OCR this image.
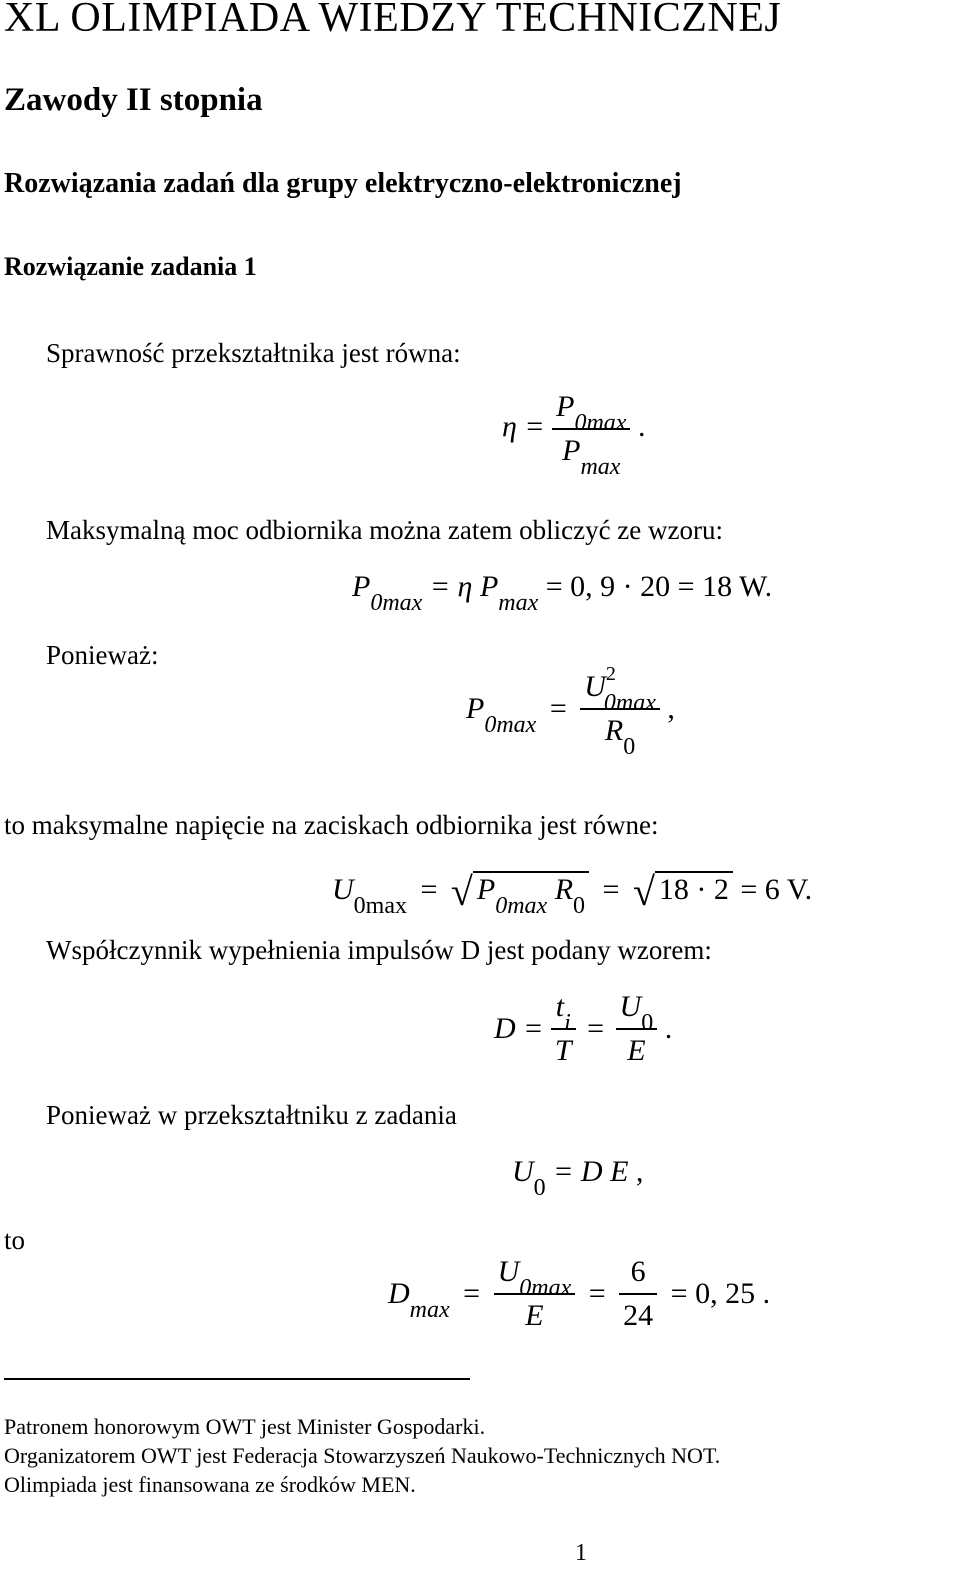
XL OLIMPIADA WIEDZY TECHNICZNEJ
Zawody II stopnia
Rozwiązania zadań dla grupy elektryczno-elektronicznej
Rozwiązanie zadania 1
Sprawność przekształtnika jest równa:
$\eta = \frac{P_{0max}}{P_{max}}$ .
Maksymalną moc odbiornika można zatem obliczyć ze wzoru:
$P_{0max} = \eta$ $P_{max} = 0$, 9 · 20 = 18 W.
Ponieważ:
$P_{0max} = \frac{U^2_{0max}}{R_0}$ ,
to maksymalne napięcie na zaciskach odbiornika jest równe:
$U_{0max}$ = √ $P_{0max}$ $R_0$ = √ 18 · 2 = 6 V.
Współczynnik wypełnienia impulsów D jest podany wzorem:
$D = \frac{t_i}{T} = \frac{U_0}{E}$ .
Ponieważ w przekształtniku z zadania
$U_0 = D$ E ,
to
$D_{max} = \frac{U_{0max}}{E} = \frac{6}{24} = 0$, 25 .
Patronem honorowym OWT jest Minister Gospodarki.
Organizatorem OWT jest Federacja Stowarzyszeń Naukowo-Technicznych NOT.
Olimpiada jest finansowana ze środków MEN.
1
